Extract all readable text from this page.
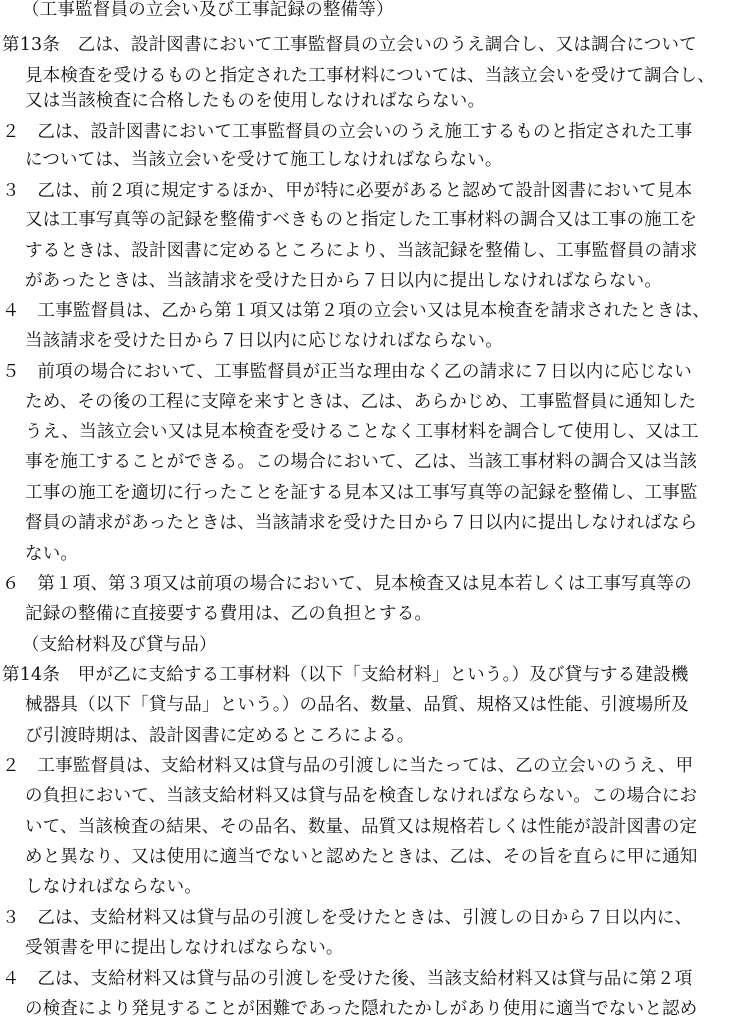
（工事監督員の立会い及び工事記録の整備等）
第13条　乙は、設計図書において工事監督員の立会いのうえ調合し、又は調合について
見本検査を受けるものと指定された工事材料については、当該立会いを受けて調合し、
又は当該検査に合格したものを使用しなければならない。
２　乙は、設計図書において工事監督員の立会いのうえ施工するものと指定された工事
については、当該立会いを受けて施工しなければならない。
３　乙は、前２項に規定するほか、甲が特に必要があると認めて設計図書において見本
又は工事写真等の記録を整備すべきものと指定した工事材料の調合又は工事の施工を
するときは、設計図書に定めるところにより、当該記録を整備し、工事監督員の請求
があったときは、当該請求を受けた日から７日以内に提出しなければならない。
４　工事監督員は、乙から第１項又は第２項の立会い又は見本検査を請求されたときは、
当該請求を受けた日から７日以内に応じなければならない。
５　前項の場合において、工事監督員が正当な理由なく乙の請求に７日以内に応じない
ため、その後の工程に支障を来すときは、乙は、あらかじめ、工事監督員に通知した
うえ、当該立会い又は見本検査を受けることなく工事材料を調合して使用し、又は工
事を施工することができる。この場合において、乙は、当該工事材料の調合又は当該
工事の施工を適切に行ったことを証する見本又は工事写真等の記録を整備し、工事監
督員の請求があったときは、当該請求を受けた日から７日以内に提出しなければなら
ない。
６　第１項、第３項又は前項の場合において、見本検査又は見本若しくは工事写真等の
記録の整備に直接要する費用は、乙の負担とする。
（支給材料及び貸与品）
第14条　甲が乙に支給する工事材料（以下「支給材料」という。）及び貸与する建設機
械器具（以下「貸与品」という。）の品名、数量、品質、規格又は性能、引渡場所及
び引渡時期は、設計図書に定めるところによる。
２　工事監督員は、支給材料又は貸与品の引渡しに当たっては、乙の立会いのうえ、甲
の負担において、当該支給材料又は貸与品を検査しなければならない。この場合にお
いて、当該検査の結果、その品名、数量、品質又は規格若しくは性能が設計図書の定
めと異なり、又は使用に適当でないと認めたときは、乙は、その旨を直らに甲に通知
しなければならない。
３　乙は、支給材料又は貸与品の引渡しを受けたときは、引渡しの日から７日以内に、
受領書を甲に提出しなければならない。
４　乙は、支給材料又は貸与品の引渡しを受けた後、当該支給材料又は貸与品に第２項
の検査により発見することが困難であった隠れたかしがあり使用に適当でないと認め
